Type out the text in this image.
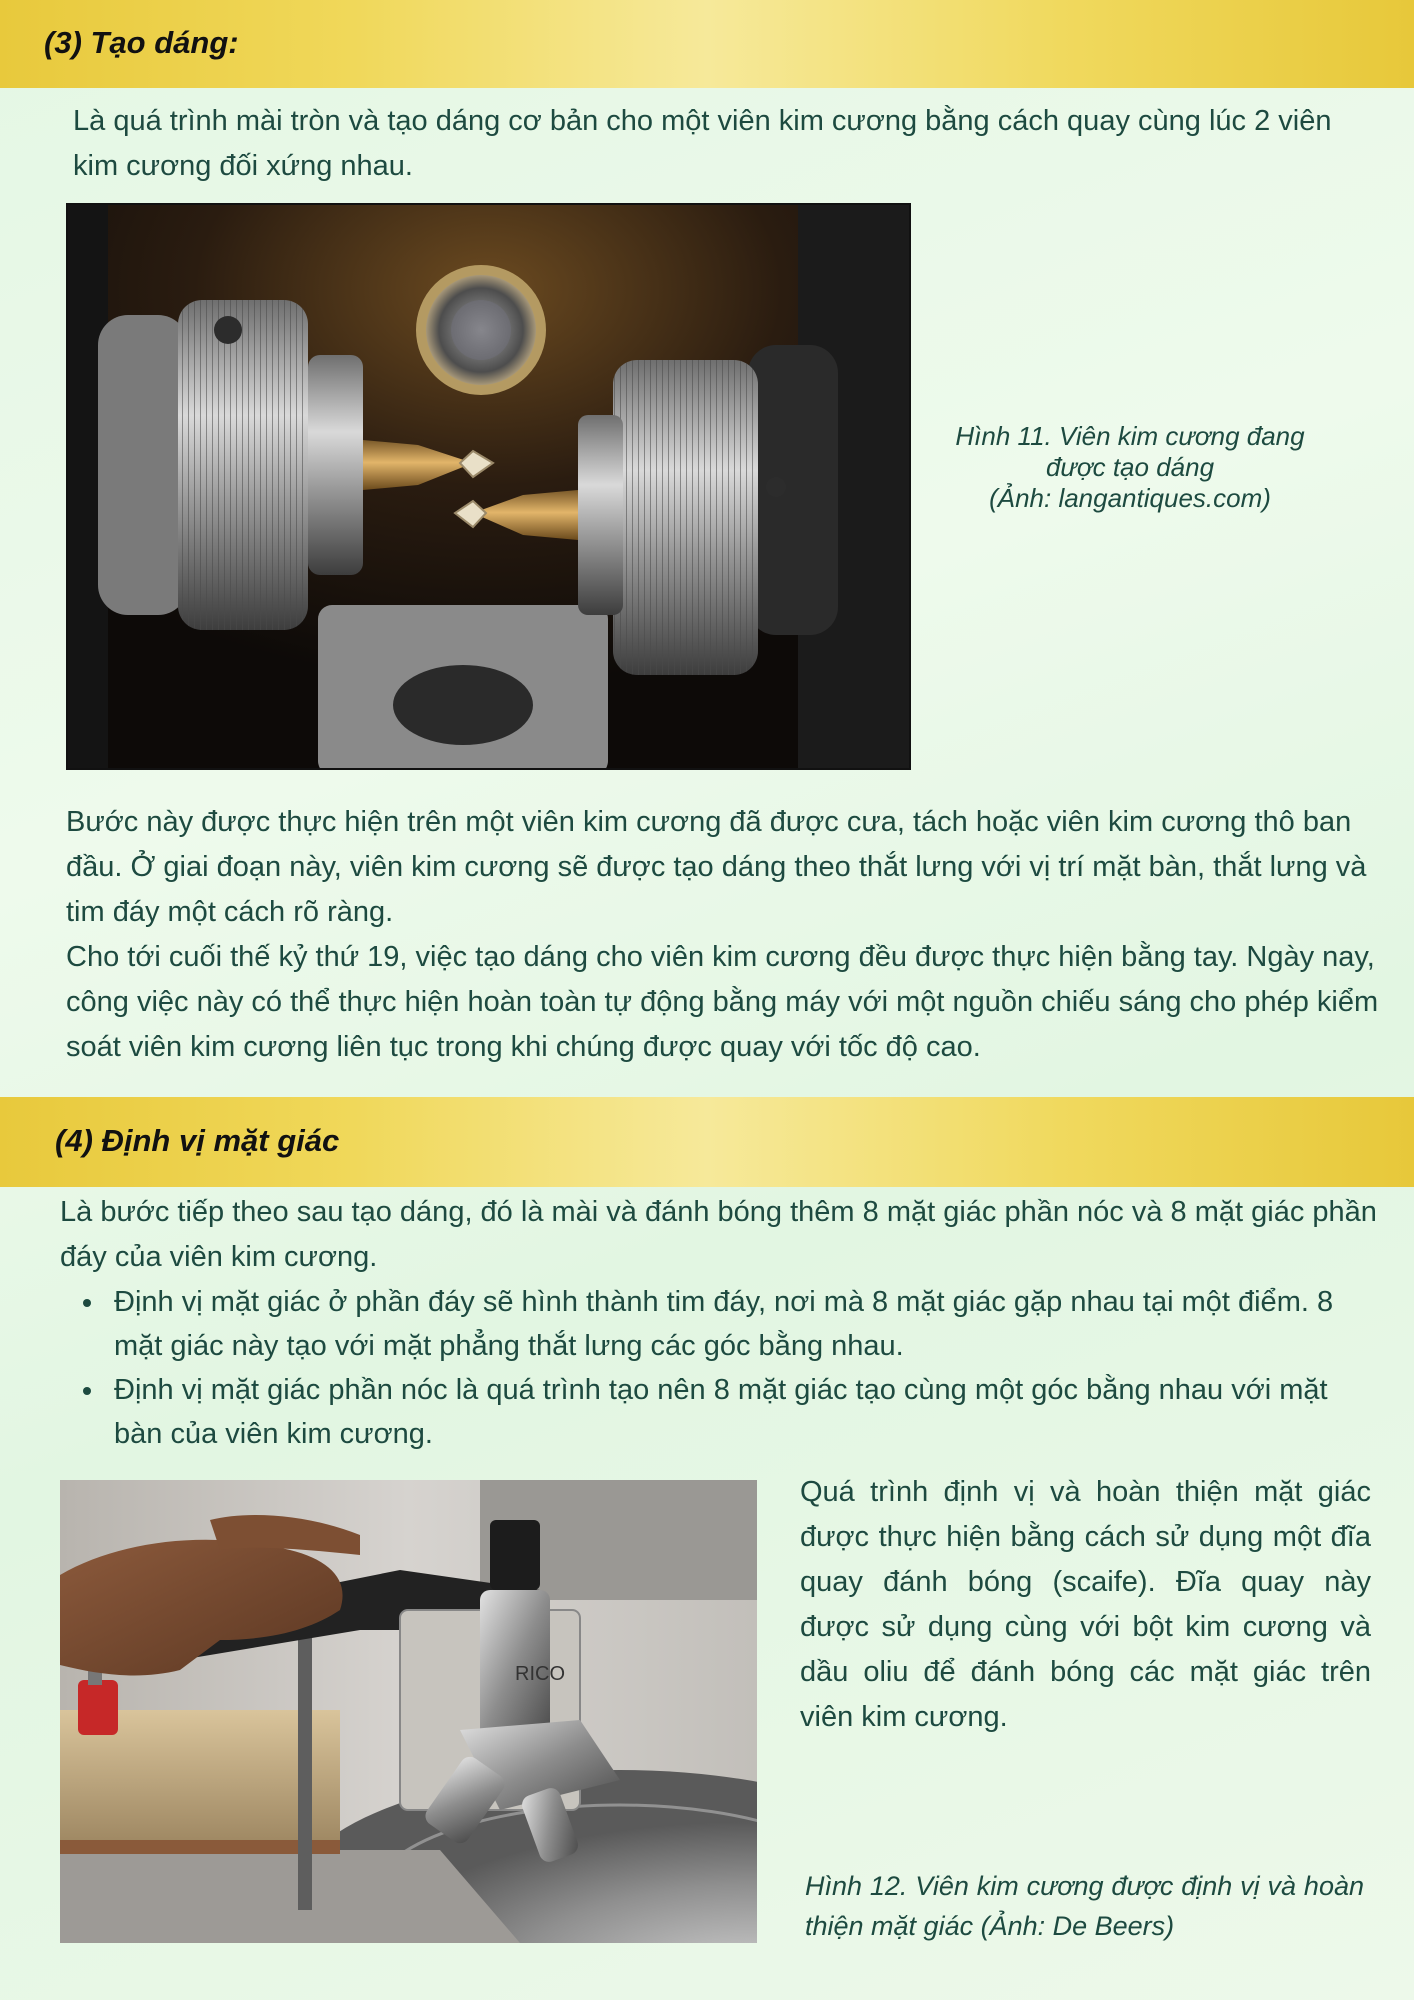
(3) Tạo dáng:

Là quá trình mài tròn và tạo dáng cơ bản cho một viên kim cương bằng cách quay cùng lúc 2 viên kim cương đối xứng nhau.

Hình 11. Viên kim cương đang
được tạo dáng
(Ảnh: langantiques.com)

Bước này được thực hiện trên một viên kim cương đã được cưa, tách hoặc viên kim cương thô ban đầu. Ở giai đoạn này, viên kim cương sẽ được tạo dáng theo thắt lưng với vị trí mặt bàn, thắt lưng và tim đáy một cách rõ ràng.

Cho tới cuối thế kỷ thứ 19, việc tạo dáng cho viên kim cương đều được thực hiện bằng tay. Ngày nay, công việc này có thể thực hiện hoàn toàn tự động bằng máy với một nguồn chiếu sáng cho phép kiểm soát viên kim cương liên tục trong khi chúng được quay với tốc độ cao.

(4) Định vị mặt giác

Là bước tiếp theo sau tạo dáng, đó là mài và đánh bóng thêm 8 mặt giác phần nóc và 8 mặt giác phần đáy của viên kim cương.

Định vị mặt giác ở phần đáy sẽ hình thành tim đáy, nơi mà 8 mặt giác gặp nhau tại một điểm. 8 mặt giác này tạo với mặt phẳng thắt lưng các góc bằng nhau.
Định vị mặt giác phần nóc là quá trình tạo nên 8 mặt giác tạo cùng một góc bằng nhau với mặt bàn của viên kim cương.
RICO

Quá trình định vị và hoàn thiện mặt giác được thực hiện bằng cách sử dụng một đĩa quay đánh bóng (scaife). Đĩa quay này được sử dụng cùng với bột kim cương và dầu oliu để đánh bóng các mặt giác trên viên kim cương.

Hình 12. Viên kim cương được định vị và hoàn thiện mặt giác (Ảnh: De Beers)
